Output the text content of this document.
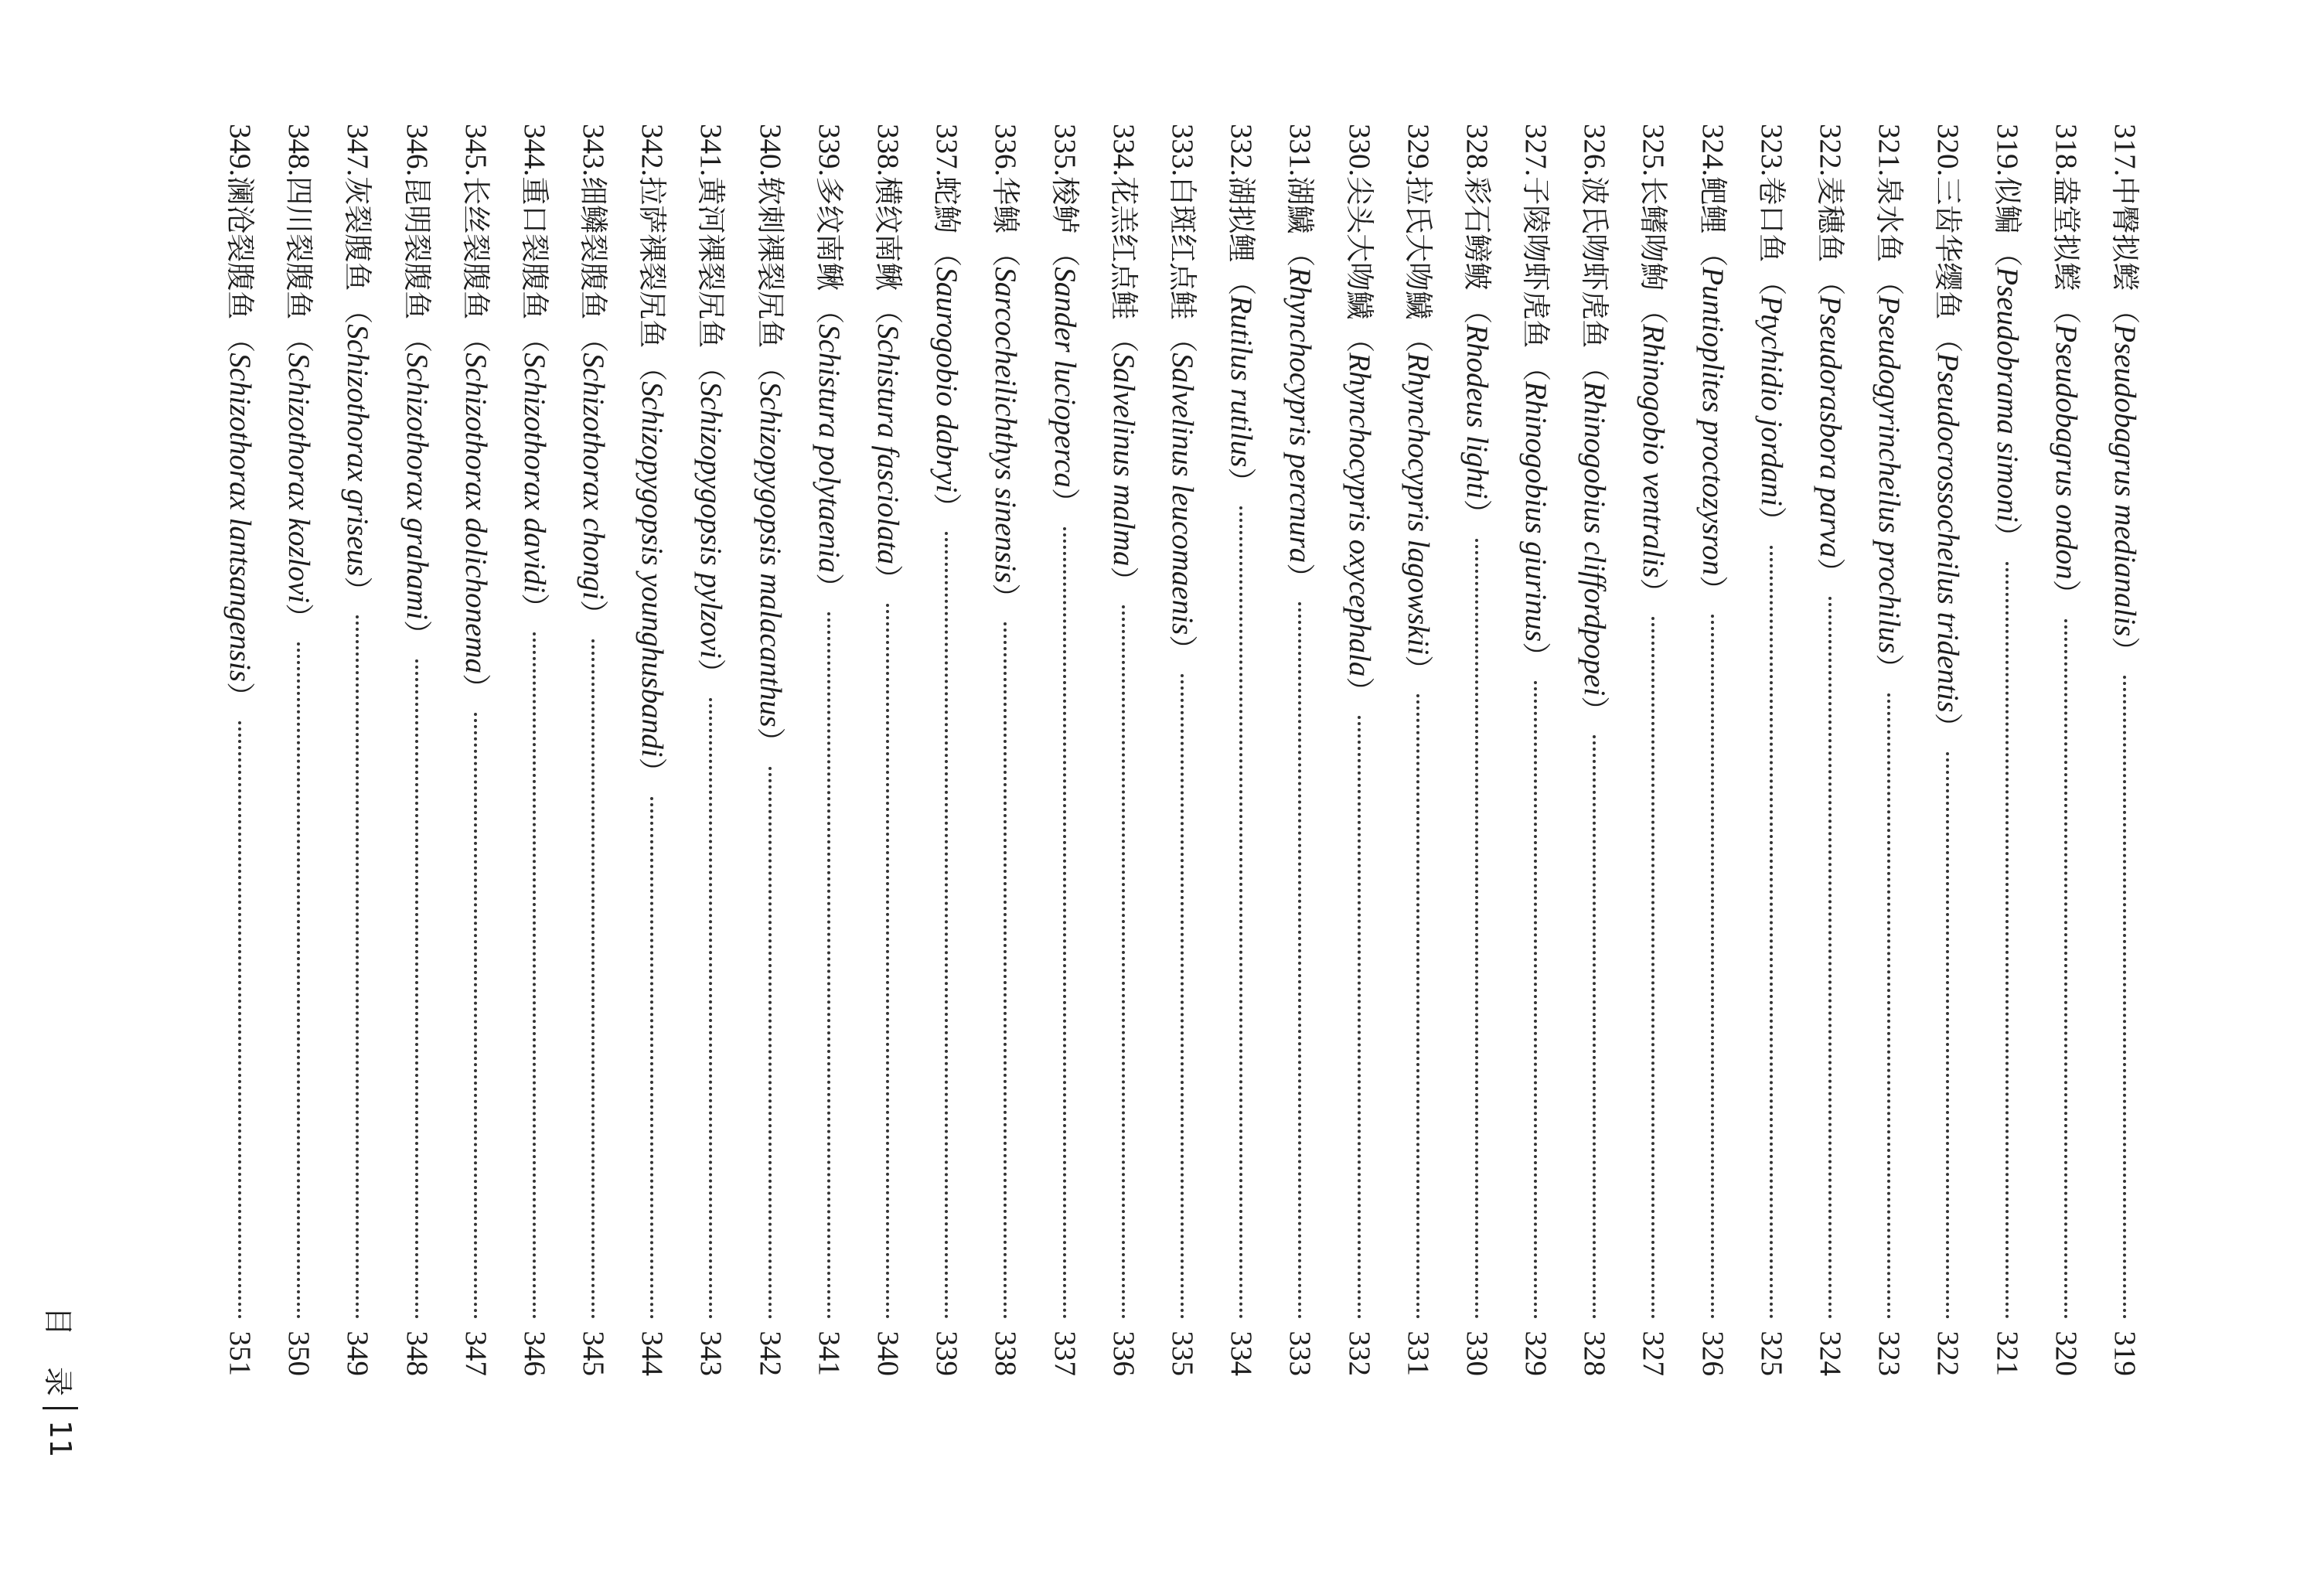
317.
中臀拟鲿
（
Pseudobagrus medianalis
）
319
318.
盎堂拟鲿
（
Pseudobagrus ondon
）
320
319.
似鳊
（
Pseudobrama simoni
）
321
320.
三齿华缨鱼
（
Pseudocrossocheilus tridentis
）
322
321.
泉水鱼
（
Pseudogyrincheilus prochilus
）
323
322.
麦穗鱼
（
Pseudorasbora parva
）
324
323.
卷口鱼
（
Ptychidio jordani
）
325
324.
鲃鲤
（
Puntioplites proctozysron
）
326
325.
长鳍吻鮈
（
Rhinogobio ventralis
）
327
326.
波氏吻虾虎鱼
（
Rhinogobius cliffordpopei
）
328
327.
子陵吻虾虎鱼
（
Rhinogobius giurinus
）
329
328.
彩石鳑鲏
（
Rhodeus lighti
）
330
329.
拉氏大吻鱥
（
Rhynchocypris lagowskii
）
331
330.
尖头大吻鱥
（
Rhynchocypris oxycephala
）
332
331.
湖鱥
（
Rhynchocypris percnura
）
333
332.
湖拟鲤
（
Rutilus rutilus
）
334
333.
白斑红点鲑
（
Salvelinus leucomaenis
）
335
334.
花羔红点鲑
（
Salvelinus malma
）
336
335.
梭鲈
（
Sander lucioperca
）
337
336.
华鳈
（
Sarcocheilichthys sinensis
）
338
337.
蛇鮈
（
Saurogobio dabryi
）
339
338.
横纹南鳅
（
Schistura fasciolata
）
340
339.
多纹南鳅
（
Schistura polytaenia
）
341
340.
软刺裸裂尻鱼
（
Schizopygopsis malacanthus
）
342
341.
黄河裸裂尻鱼
（
Schizopygopsis pylzovi
）
343
342.
拉萨裸裂尻鱼
（
Schizopygopsis younghusbandi
）
344
343.
细鳞裂腹鱼
（
Schizothorax chongi
）
345
344.
重口裂腹鱼
（
Schizothorax davidi
）
346
345.
长丝裂腹鱼
（
Schizothorax dolichonema
）
347
346.
昆明裂腹鱼
（
Schizothorax grahami
）
348
347.
灰裂腹鱼
（
Schizothorax griseus
）
349
348.
四川裂腹鱼
（
Schizothorax kozlovi
）
350
349.
澜沧裂腹鱼
（
Schizothorax lantsangensis
）
351
目
录
11
